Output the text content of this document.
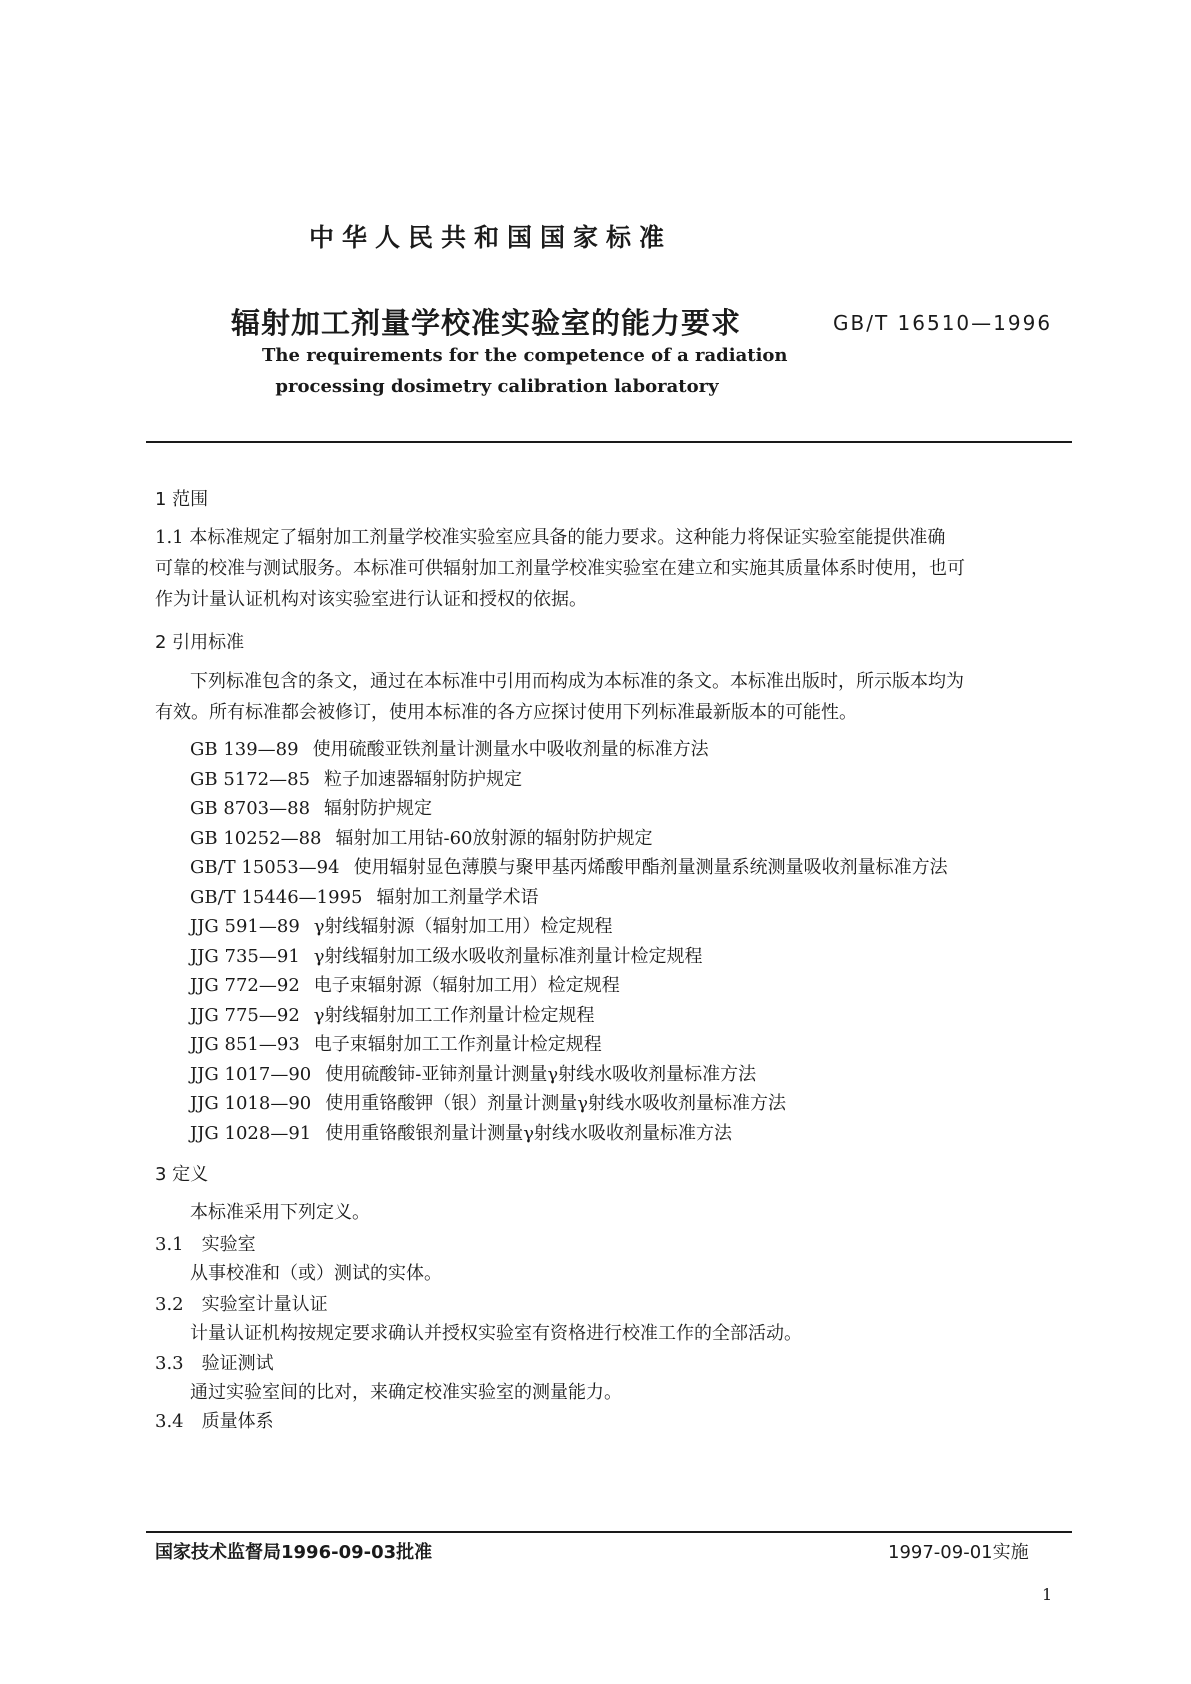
中华人民共和国国家标准
辐射加工剂量学校准实验室的能力要求	GB/T 16510—1996
The requirements for the competence of a radiation
processing dosimetry calibration laboratory
1 范围
1.1 本标准规定了辐射加工剂量学校准实验室应具备的能力要求。这种能力将保证实验室能提供准确
可靠的校准与测试服务。本标准可供辐射加工剂量学校准实验室在建立和实施其质量体系时使用，也可
作为计量认证机构对该实验室进行认证和授权的依据。
2 引用标准
下列标准包含的条文，通过在本标准中引用而构成为本标准的条文。本标准出版时，所示版本均为
有效。所有标准都会被修订，使用本标准的各方应探讨使用下列标准最新版本的可能性。
GB 139—89 使用硫酸亚铁剂量计测量水中吸收剂量的标准方法
GB 5172—85 粒子加速器辐射防护规定
GB 8703—88 辐射防护规定
GB 10252—88 辐射加工用钴-60放射源的辐射防护规定
GB/T 15053—94 使用辐射显色薄膜与聚甲基丙烯酸甲酯剂量测量系统测量吸收剂量标准方法
GB/T 15446—1995 辐射加工剂量学术语
JJG 591—89 γ射线辐射源（辐射加工用）检定规程
JJG 735—91 γ射线辐射加工级水吸收剂量标准剂量计检定规程
JJG 772—92 电子束辐射源（辐射加工用）检定规程
JJG 775—92 γ射线辐射加工工作剂量计检定规程
JJG 851—93 电子束辐射加工工作剂量计检定规程
JJG 1017—90 使用硫酸铈-亚铈剂量计测量γ射线水吸收剂量标准方法
JJG 1018—90 使用重铬酸钾（银）剂量计测量γ射线水吸收剂量标准方法
JJG 1028—91 使用重铬酸银剂量计测量γ射线水吸收剂量标准方法
3 定义
本标准采用下列定义。
3.1 实验室
从事校准和（或）测试的实体。
3.2 实验室计量认证
计量认证机构按规定要求确认并授权实验室有资格进行校准工作的全部活动。
3.3 验证测试
通过实验室间的比对，来确定校准实验室的测量能力。
3.4 质量体系
国家技术监督局1996-09-03批准	1997-09-01实施
1
